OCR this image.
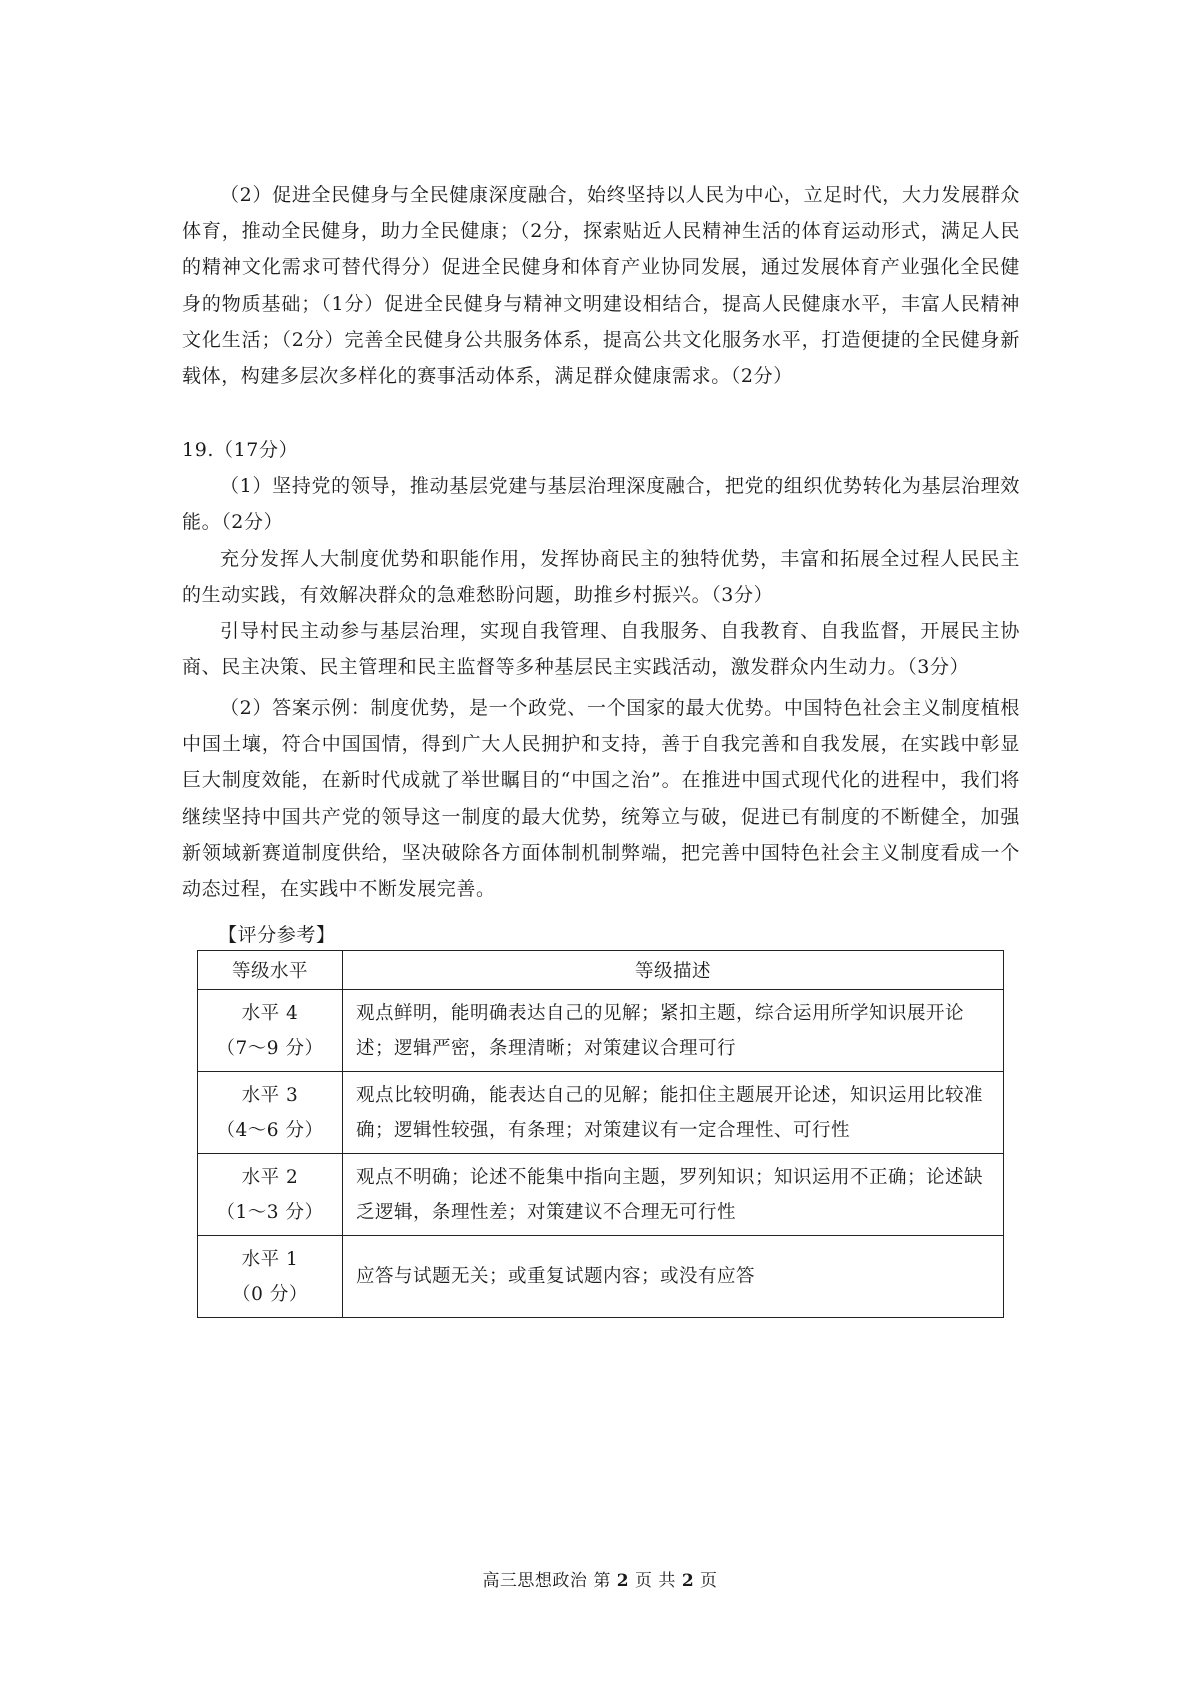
（2）促进全民健身与全民健康深度融合，始终坚持以人民为中心，立足时代，大力发展群众体育，推动全民健身，助力全民健康；（2分，探索贴近人民精神生活的体育运动形式，满足人民的精神文化需求可替代得分）促进全民健身和体育产业协同发展，通过发展体育产业强化全民健身的物质基础；（1分）促进全民健身与精神文明建设相结合，提高人民健康水平，丰富人民精神文化生活；（2分）完善全民健身公共服务体系，提高公共文化服务水平，打造便捷的全民健身新载体，构建多层次多样化的赛事活动体系，满足群众健康需求。（2分）

19.（17分）

（1）坚持党的领导，推动基层党建与基层治理深度融合，把党的组织优势转化为基层治理效能。（2分）

充分发挥人大制度优势和职能作用，发挥协商民主的独特优势，丰富和拓展全过程人民民主的生动实践，有效解决群众的急难愁盼问题，助推乡村振兴。（3分）

引导村民主动参与基层治理，实现自我管理、自我服务、自我教育、自我监督，开展民主协商、民主决策、民主管理和民主监督等多种基层民主实践活动，激发群众内生动力。（3分）

（2）答案示例：制度优势，是一个政党、一个国家的最大优势。中国特色社会主义制度植根中国土壤，符合中国国情，得到广大人民拥护和支持，善于自我完善和自我发展，在实践中彰显巨大制度效能，在新时代成就了举世瞩目的“中国之治”。在推进中国式现代化的进程中，我们将继续坚持中国共产党的领导这一制度的最大优势，统筹立与破，促进已有制度的不断健全，加强新领域新赛道制度供给，坚决破除各方面体制机制弊端，把完善中国特色社会主义制度看成一个动态过程，在实践中不断发展完善。

【评分参考】
等级水平	等级描述

水平 4
（7～9 分）	观点鲜明，能明确表达自己的见解；紧扣主题，综合运用所学知识展开论述；逻辑严密，条理清晰；对策建议合理可行

水平 3
（4～6 分）	观点比较明确，能表达自己的见解；能扣住主题展开论述，知识运用比较准确；逻辑性较强，有条理；对策建议有一定合理性、可行性

水平 2
（1～3 分）	观点不明确；论述不能集中指向主题，罗列知识；知识运用不正确；论述缺乏逻辑，条理性差；对策建议不合理无可行性

水平 1
（0 分）	应答与试题无关；或重复试题内容；或没有应答
高三思想政治 第 2 页 共 2 页
